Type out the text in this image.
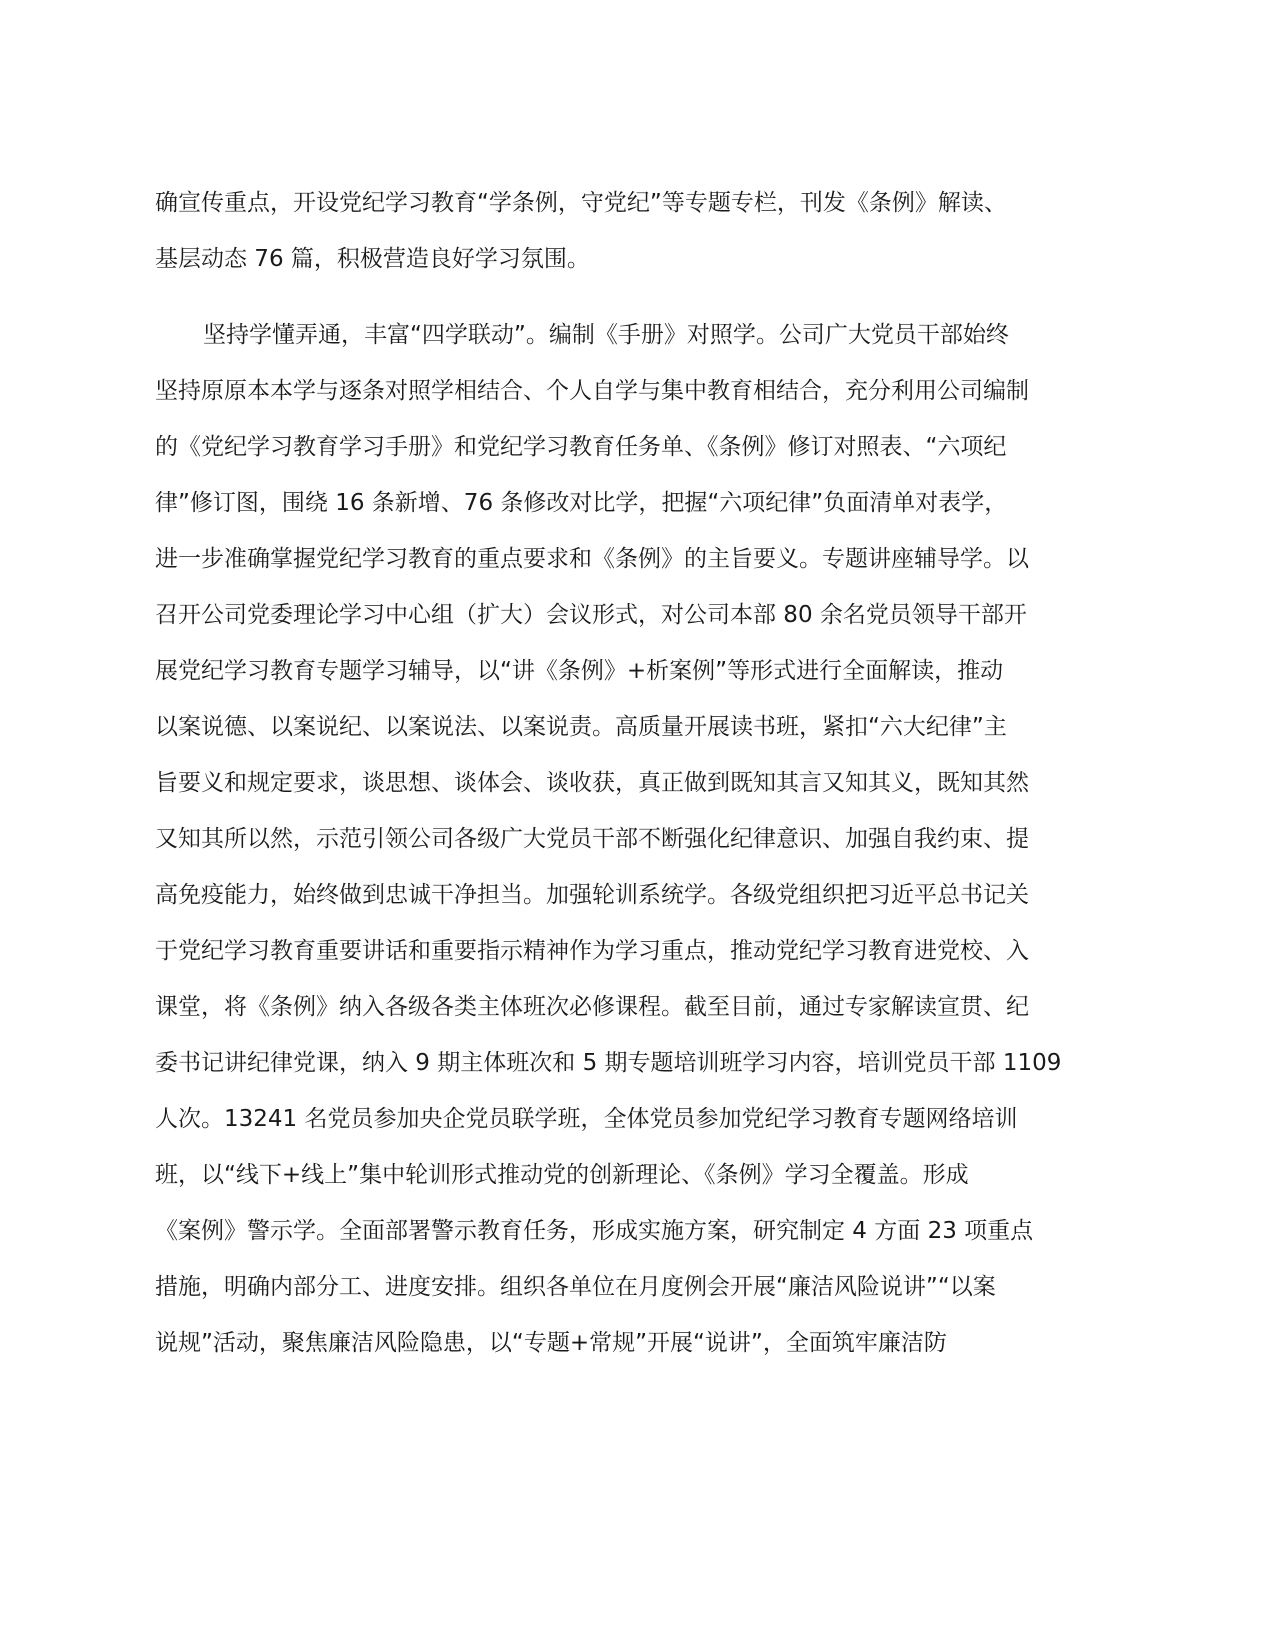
确宣传重点，开设党纪学习教育“学条例，守党纪”等专题专栏，刊发《条例》解读、
基层动态 76 篇，积极营造良好学习氛围。
坚持学懂弄通，丰富“四学联动”。编制《手册》对照学。公司广大党员干部始终
坚持原原本本学与逐条对照学相结合、个人自学与集中教育相结合，充分利用公司编制
的《党纪学习教育学习手册》和党纪学习教育任务单、《条例》修订对照表、“六项纪
律”修订图，围绕 16 条新增、76 条修改对比学，把握“六项纪律”负面清单对表学，
进一步准确掌握党纪学习教育的重点要求和《条例》的主旨要义。专题讲座辅导学。以
召开公司党委理论学习中心组（扩大）会议形式，对公司本部 80 余名党员领导干部开
展党纪学习教育专题学习辅导，以“讲《条例》+析案例”等形式进行全面解读，推动
以案说德、以案说纪、以案说法、以案说责。高质量开展读书班，紧扣“六大纪律”主
旨要义和规定要求，谈思想、谈体会、谈收获，真正做到既知其言又知其义，既知其然
又知其所以然，示范引领公司各级广大党员干部不断强化纪律意识、加强自我约束、提
高免疫能力，始终做到忠诚干净担当。加强轮训系统学。各级党组织把习近平总书记关
于党纪学习教育重要讲话和重要指示精神作为学习重点，推动党纪学习教育进党校、入
课堂，将《条例》纳入各级各类主体班次必修课程。截至目前，通过专家解读宣贯、纪
委书记讲纪律党课，纳入 9 期主体班次和 5 期专题培训班学习内容，培训党员干部 1109
人次。13241 名党员参加央企党员联学班，全体党员参加党纪学习教育专题网络培训
班，以“线下+线上”集中轮训形式推动党的创新理论、《条例》学习全覆盖。形成
《案例》警示学。全面部署警示教育任务，形成实施方案，研究制定 4 方面 23 项重点
措施，明确内部分工、进度安排。组织各单位在月度例会开展“廉洁风险说讲”“以案
说规”活动，聚焦廉洁风险隐患，以“专题+常规”开展“说讲”，全面筑牢廉洁防
